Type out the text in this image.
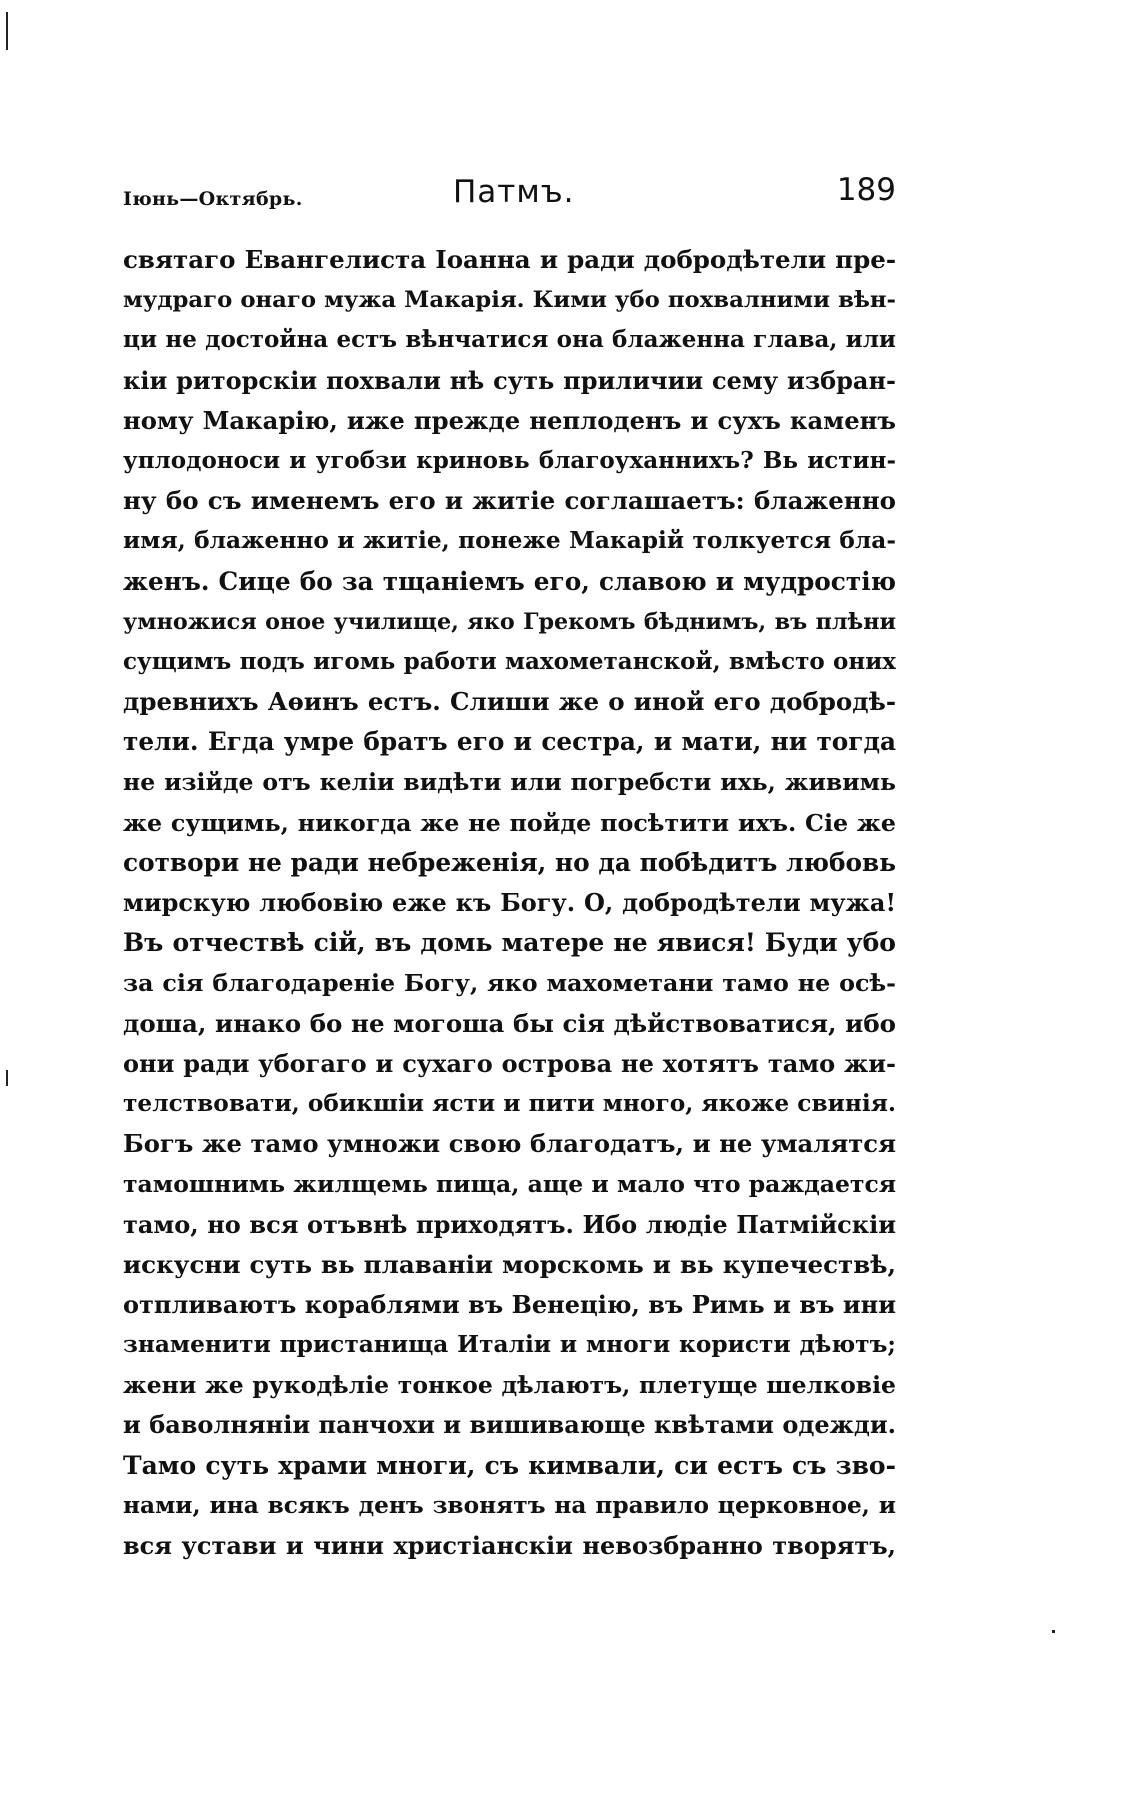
Іюнь—Октябрь.	Патмъ.	189
святаго Евангелиста Іоанна и ради добродѣтели пре-
мудраго онаго мужа Макарія. Кими убо похвалними вѣн-
ци не достойна естъ вѣнчатися она блаженна глава, или
кіи риторскіи похвали нѣ суть приличии сему избран-
ному Макарію, иже прежде неплоденъ и сухъ каменъ
уплодоноси и угобзи криновь благоуханнихъ? Вь истин-
ну бо съ именемъ его и житіе соглашаетъ: блаженно
имя, блаженно и житіе, понеже Макарій толкуется бла-
женъ. Сице бо за тщаніемъ его, славою и мудростію
умножися оное училище, яко Грекомъ бѣднимъ, въ плѣни
сущимъ подъ игомь работи махометанской, вмѣсто оних
древнихъ Аѳинъ естъ. Слиши же о иной его добродѣ-
тели. Егда умре братъ его и сестра, и мати, ни тогда
не изійде отъ келіи видѣти или погребсти ихь, живимь
же сущимь, никогда же не пойде посѣтити ихъ. Сіе же
сотвори не ради небреженія, но да побѣдитъ любовь
мирскую любовію еже къ Богу. О, добродѣтели мужа!
Въ отчествѣ сій, въ домь матере не явися! Буди убо
за сія благодареніе Богу, яко махометани тамо не осѣ-
доша, инако бо не могоша бы сія дѣйствоватися, ибо
они ради убогаго и сухаго острова не хотятъ тамо жи-
телствовати, обикшіи ясти и пити много, якоже свинія.
Богъ же тамо умножи свою благодатъ, и не умалятся
тамошнимь жилщемь пища, аще и мало что раждается
тамо, но вся отъвнѣ приходятъ. Ибо людіе Патмійскіи
искусни суть вь плаваніи морскомь и вь купечествѣ,
отпливаютъ кораблями въ Венецію, въ Римь и въ ини
знаменити пристанища Италіи и многи користи дѣютъ;
жени же рукодѣліе тонкое дѣлаютъ, плетуще шелковіе
и баволняніи панчохи и вишивающе квѣтами одежди.
Тамо суть храми многи, съ кимвали, си естъ съ зво-
нами, ина всякъ денъ звонятъ на правило церковное, и
вся устави и чини христіанскіи невозбранно творятъ,
